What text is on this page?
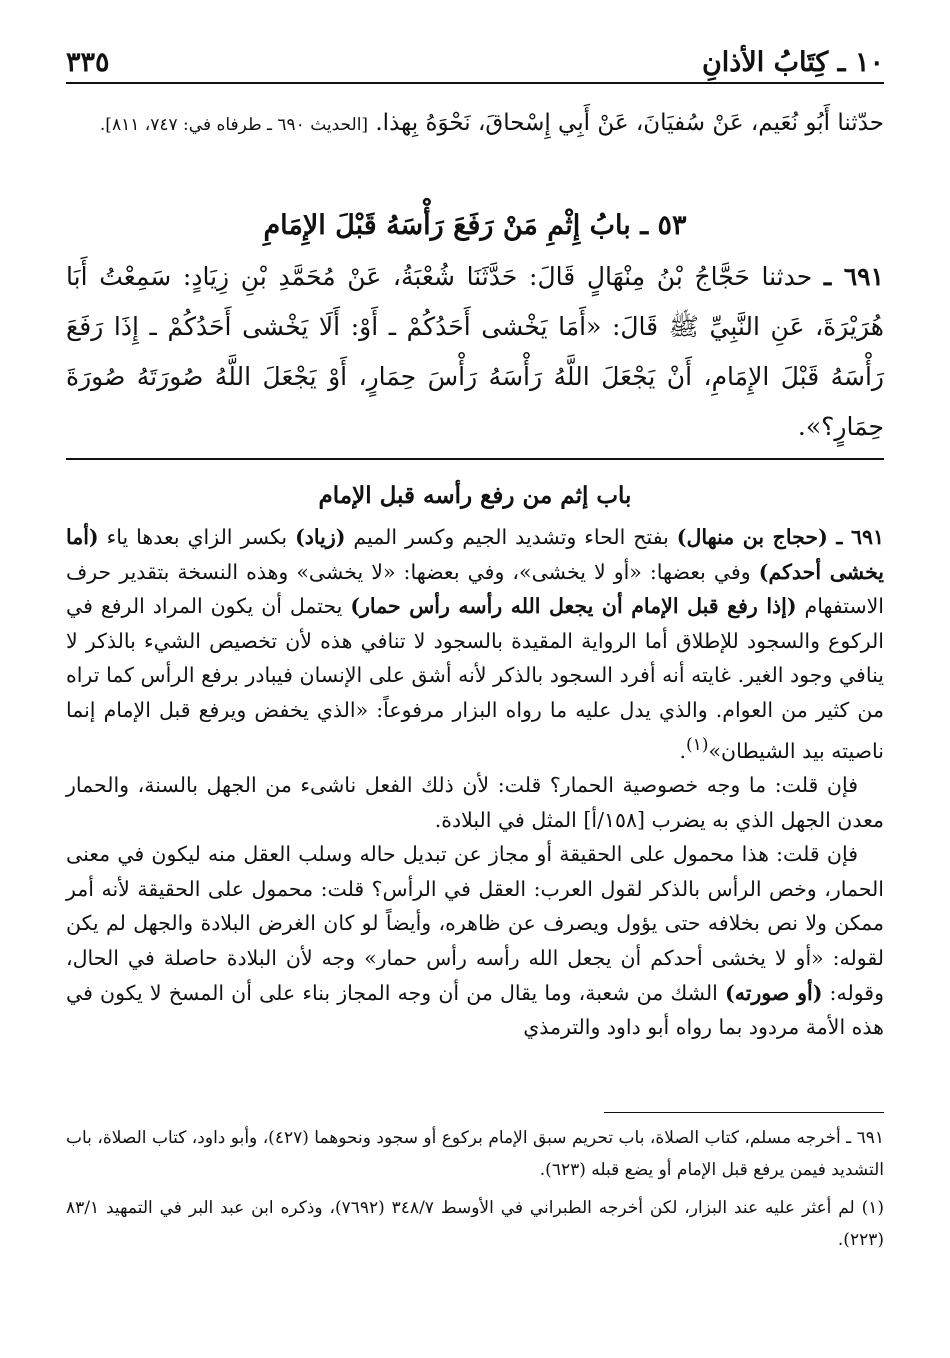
١٠ ـ كِتَابُ الأذانِ
٣٣٥

حدّثنا أَبُو نُعَيم، عَنْ سُفيَانَ، عَنْ أَبِي إِسْحاقَ، نَحْوَهُ بِهذا. [الحديث ٦٩٠ ـ طرفاه في: ٧٤٧، ٨١١].

٥٣ ـ بابُ إِثْمِ مَنْ رَفَعَ رَأْسَهُ قَبْلَ الإِمَامِ

٦٩١ ـ حدثنا حَجَّاجُ بْنُ مِنْهَالٍ قَالَ: حَدَّثَنَا شُعْبَةُ، عَنْ مُحَمَّدِ بْنِ زِيَادٍ: سَمِعْتُ أَبَا هُرَيْرَةَ، عَنِ النَّبِيِّ ﷺ قَالَ: «أَمَا يَخْشى أَحَدُكُمْ ـ أَوْ: أَلَا يَخْشى أَحَدُكُمْ ـ إِذَا رَفَعَ رَأْسَهُ قَبْلَ الإِمَامِ، أَنْ يَجْعَلَ اللَّهُ رَأْسَهُ رَأْسَ حِمَارٍ، أَوْ يَجْعَلَ اللَّهُ صُورَتَهُ صُورَةَ حِمَارٍ؟».

باب إثم من رفع رأسه قبل الإمام

٦٩١ ـ (حجاج بن منهال) بفتح الحاء وتشديد الجيم وكسر الميم (زياد) بكسر الزاي بعدها ياء (أما يخشى أحدكم) وفي بعضها: «أو لا يخشى»، وفي بعضها: «لا يخشى» وهذه النسخة بتقدير حرف الاستفهام (إذا رفع قبل الإمام أن يجعل الله رأسه رأس حمار) يحتمل أن يكون المراد الرفع في الركوع والسجود للإطلاق أما الرواية المقيدة بالسجود لا تنافي هذه لأن تخصيص الشيء بالذكر لا ينافي وجود الغير. غايته أنه أفرد السجود بالذكر لأنه أشق على الإنسان فيبادر برفع الرأس كما تراه من كثير من العوام. والذي يدل عليه ما رواه البزار مرفوعاً: «الذي يخفض ويرفع قبل الإمام إنما ناصيته بيد الشيطان»$^{(١)}$.

فإن قلت: ما وجه خصوصية الحمار؟ قلت: لأن ذلك الفعل ناشىء من الجهل بالسنة، والحمار معدن الجهل الذي به يضرب [١٥٨/أ] المثل في البلادة.

فإن قلت: هذا محمول على الحقيقة أو مجاز عن تبديل حاله وسلب العقل منه ليكون في معنى الحمار، وخص الرأس بالذكر لقول العرب: العقل في الرأس؟ قلت: محمول على الحقيقة لأنه أمر ممكن ولا نص بخلافه حتى يؤول ويصرف عن ظاهره، وأيضاً لو كان الغرض البلادة والجهل لم يكن لقوله: «أو لا يخشى أحدكم أن يجعل الله رأسه رأس حمار» وجه لأن البلادة حاصلة في الحال، وقوله: (أو صورته) الشك من شعبة، وما يقال من أن وجه المجاز بناء على أن المسخ لا يكون في هذه الأمة مردود بما رواه أبو داود والترمذي

٦٩١ ـ أخرجه مسلم، كتاب الصلاة، باب تحريم سبق الإمام بركوع أو سجود ونحوهما (٤٢٧)، وأبو داود، كتاب الصلاة، باب التشديد فيمن يرفع قبل الإمام أو يضع قبله (٦٢٣).

(١) لم أعثر عليه عند البزار، لكن أخرجه الطبراني في الأوسط ٣٤٨/٧ (٧٦٩٢)، وذكره ابن عبد البر في التمهيد ٨٣/١ (٢٢٣).
